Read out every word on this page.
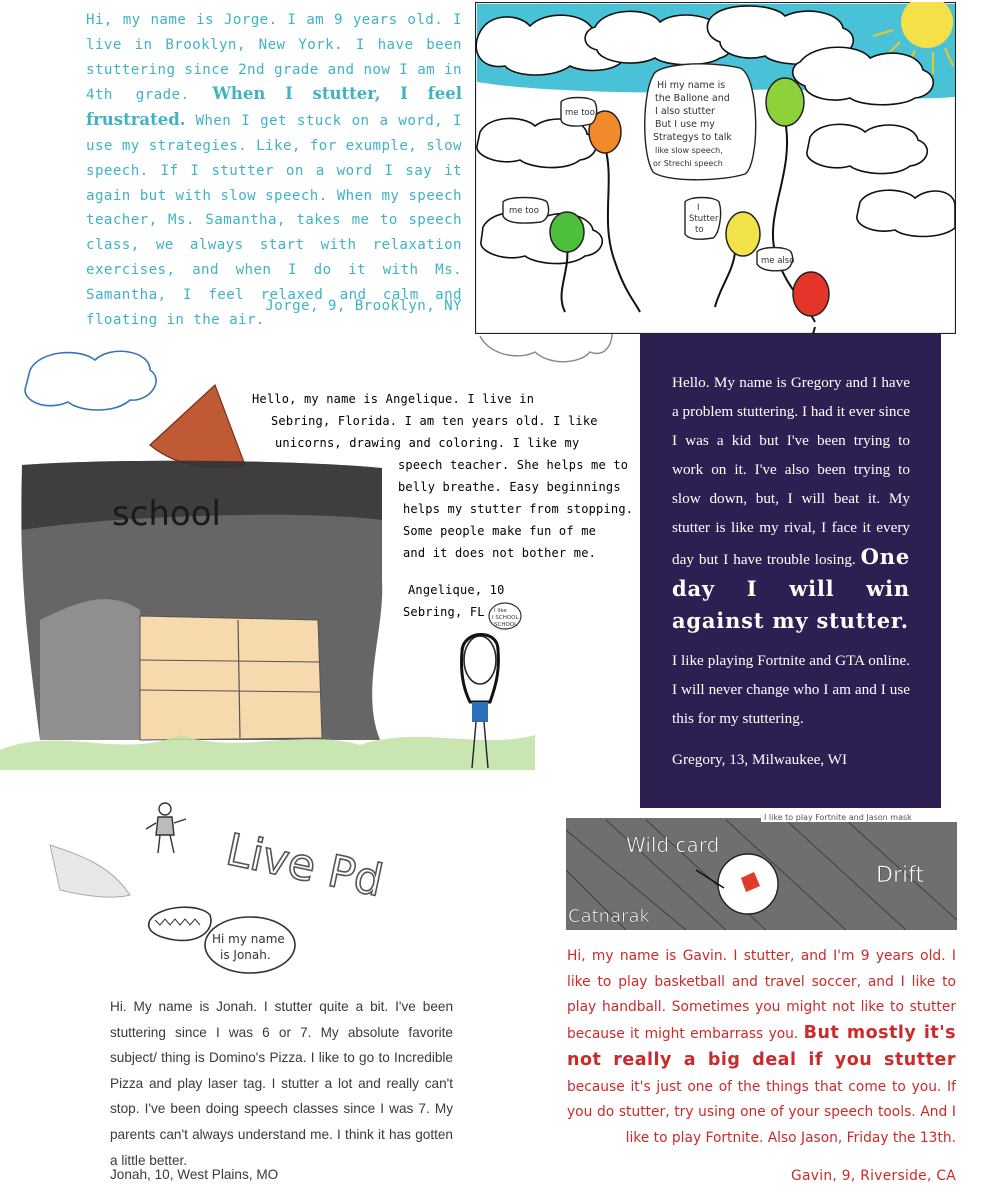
Hi, my name is Jorge. I am 9 years old. I live in Brooklyn, New York. I have been stuttering since 2nd grade and now I am in 4th grade. When I stutter, I feel frustrated. When I get stuck on a word, I use my strategies. Like, for exumple, slow speech. If I stutter on a word I say it again but with slow speech. When my speech teacher, Ms. Samantha, takes me to speech class, we always start with relaxation exercises, and when I do it with Ms. Samantha, I feel relaxed and calm and floating in the air.
Jorge, 9, Brooklyn, NY
Hi my name is
the Ballone and
I also stutter
But I use my
Strategys to talk
like slow speech,
or Strechi speech
me too
me too	I
Stutter
to
me also
school
I like
I SCHOOL
SCHOOL
Hello, my name is Angelique. I live in
Sebring, Florida. I am ten years old. I like
unicorns, drawing and coloring. I like my
speech teacher. She helps me to
belly breathe. Easy beginnings
helps my stutter from stopping.
Some people make fun of me
and it does not bother me.
Angelique, 10
Sebring, FL
Hello. My name is Gregory and I have a problem stuttering. I had it ever since I was a kid but I've been trying to work on it. I've also been trying to slow down, but, I will beat it. My stutter is like my rival, I face it every day but I have trouble losing. One day I will win against my stutter.
I like playing Fortnite and GTA online. I will never change who I am and I use this for my stuttering.
Gregory, 13, Milwaukee, WI
Live Pd
Hi my name
is Jonah.
Hi. My name is Jonah. I stutter quite a bit. I've been stuttering since I was 6 or 7. My absolute favorite subject/ thing is Domino's Pizza. I like to go to Incredible Pizza and play laser tag. I stutter a lot and really can't stop. I've been doing speech classes since I was 7. My parents can't always understand me. I think it has gotten a little better.
Jonah, 10, West Plains, MO
Wild card
Drift
Catnarak
I like to play Fortnite and Jason mask
Hi, my name is Gavin. I stutter, and I'm 9 years old. I like to play basketball and travel soccer, and I like to play handball. Sometimes you might not like to stutter because it might embarrass you. But mostly it's not really a big deal if you stutter because it's just one of the things that come to you. If you do stutter, try using one of your speech tools. And I like to play Fortnite. Also Jason, Friday the 13th.
Gavin, 9, Riverside, CA
